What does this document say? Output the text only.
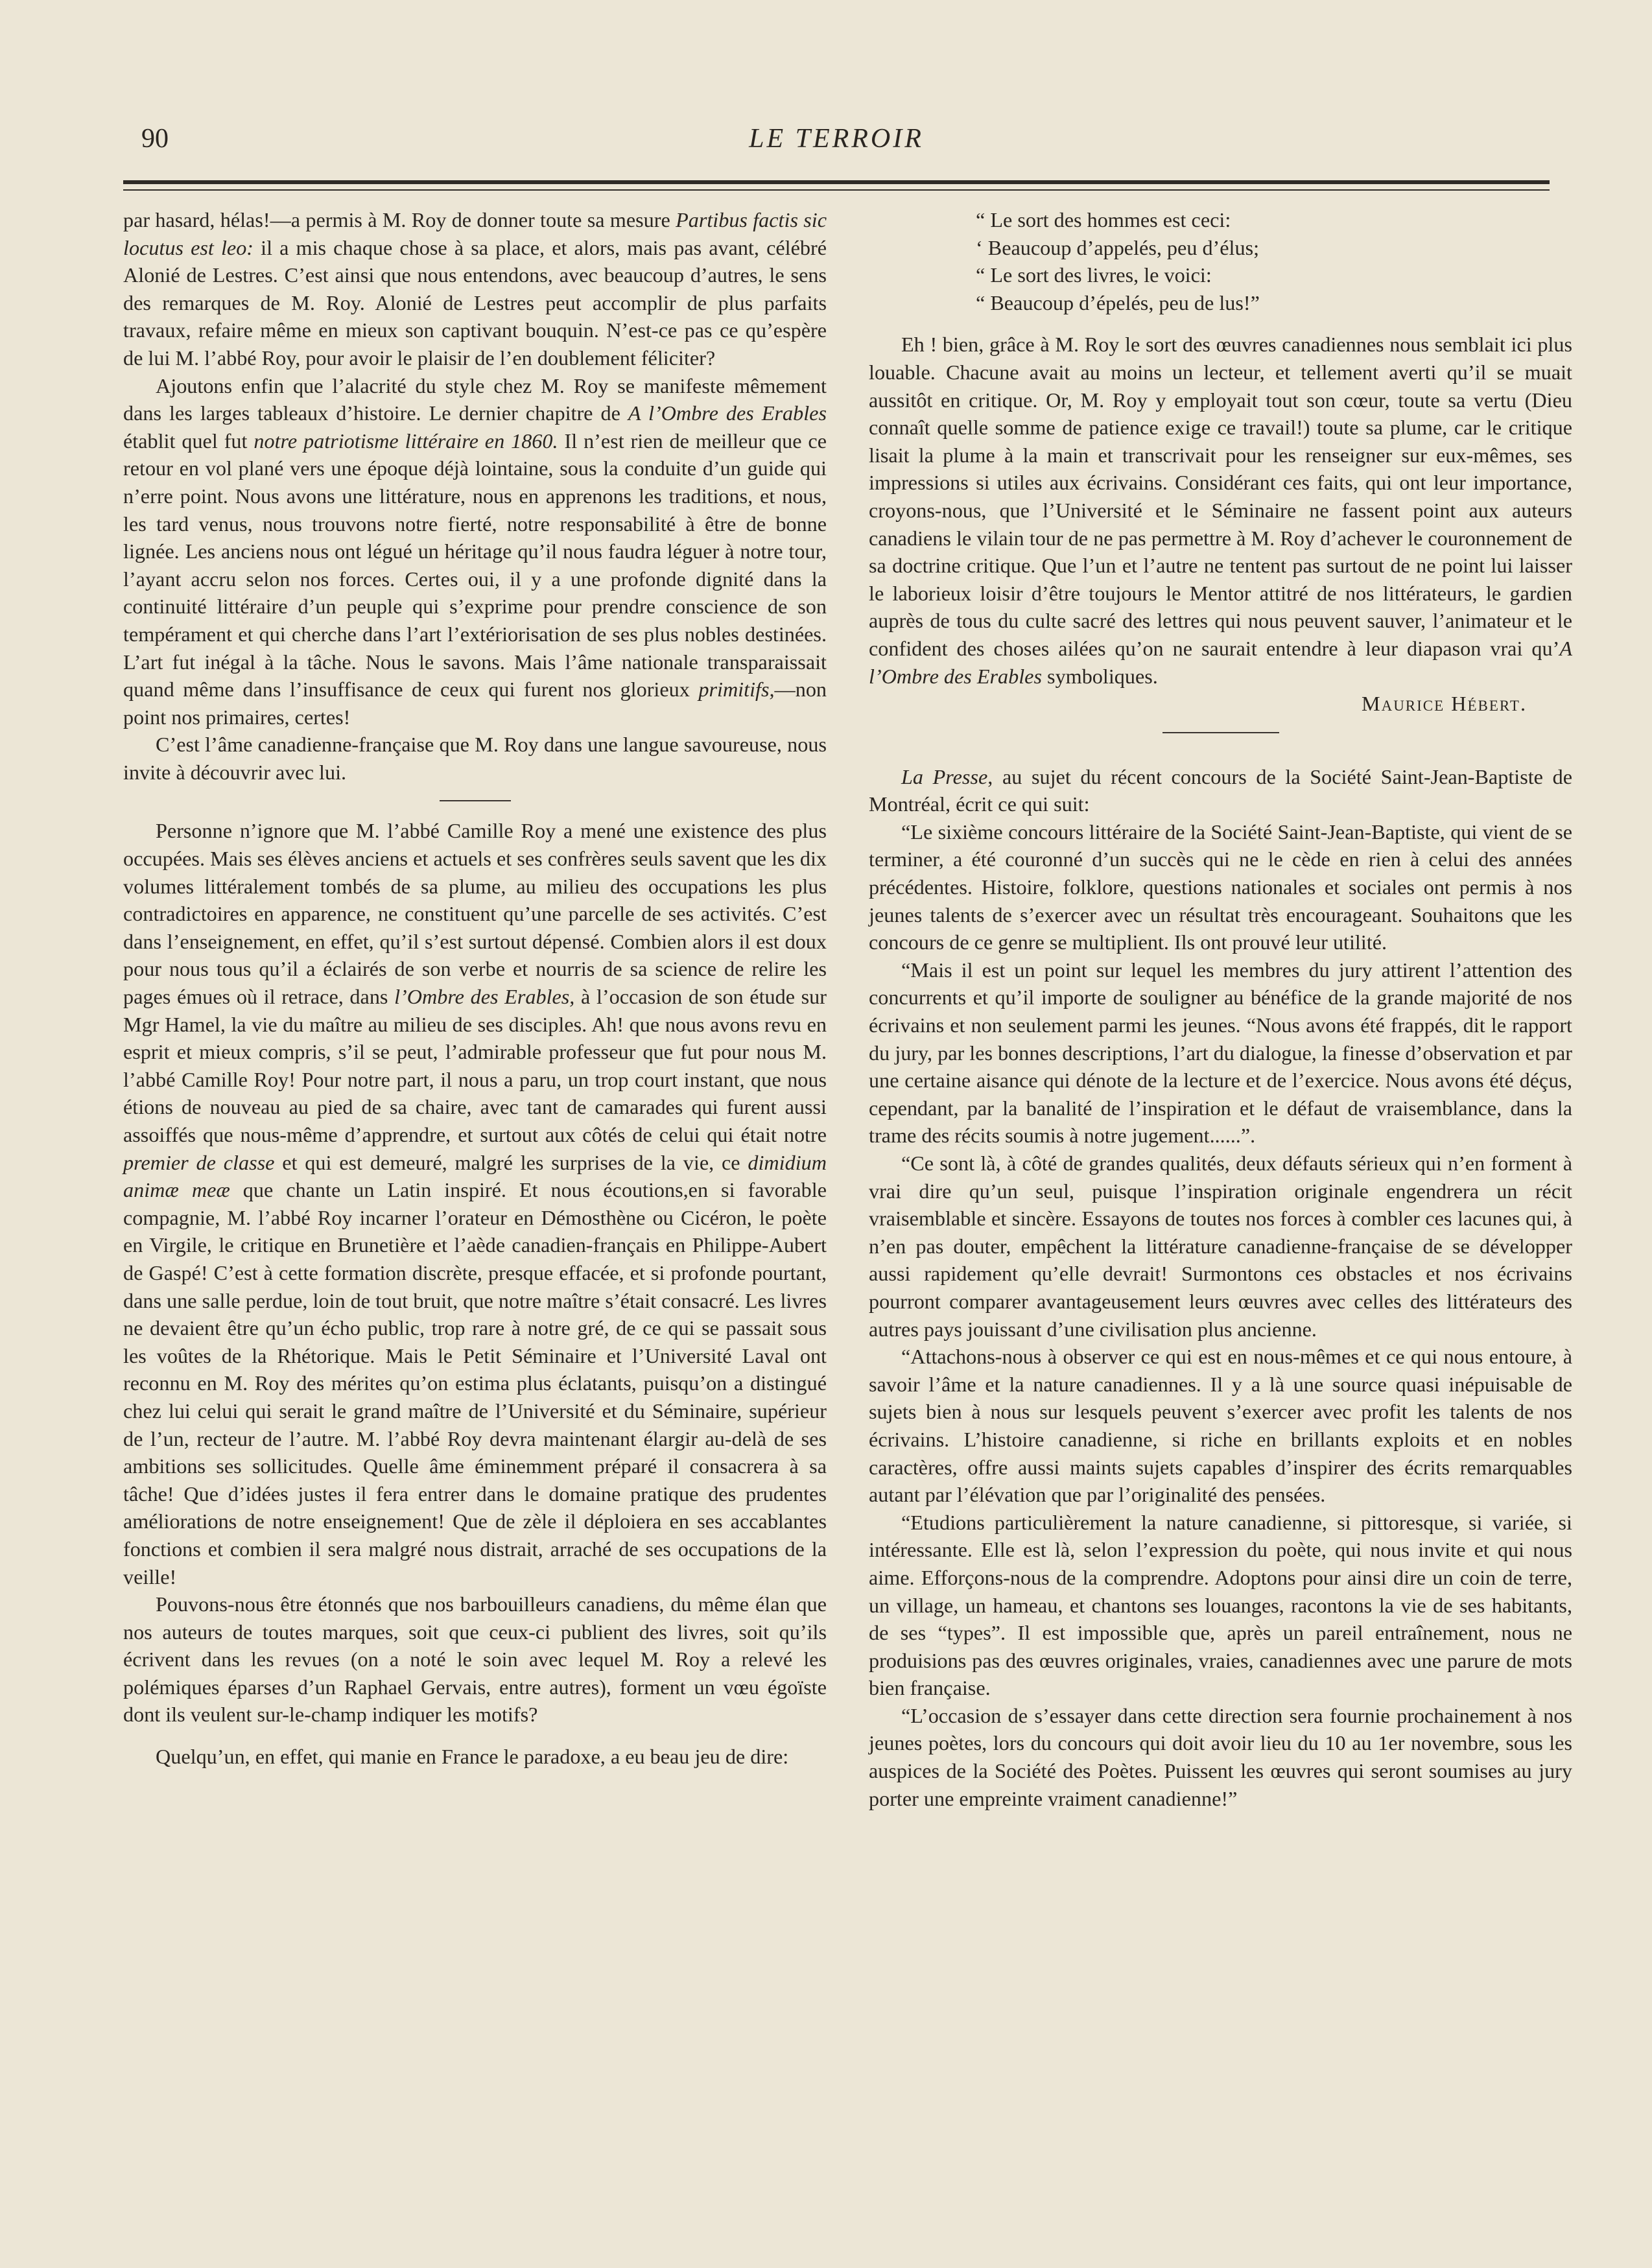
90	LE TERROIR

par hasard, hélas!—a permis à M. Roy de donner toute sa mesure Partibus factis sic locutus est leo: il a mis chaque chose à sa place, et alors, mais pas avant, célébré Alonié de Lestres. C’est ainsi que nous entendons, avec beaucoup d’autres, le sens des remarques de M. Roy. Alonié de Lestres peut accomplir de plus parfaits travaux, refaire même en mieux son captivant bouquin. N’est-ce pas ce qu’espère de lui M. l’abbé Roy, pour avoir le plaisir de l’en doublement féliciter?

Ajoutons enfin que l’alacrité du style chez M. Roy se manifeste mêmement dans les larges tableaux d’histoire. Le dernier chapitre de A l’Ombre des Erables établit quel fut notre patriotisme littéraire en 1860. Il n’est rien de meilleur que ce retour en vol plané vers une époque déjà lointaine, sous la conduite d’un guide qui n’erre point. Nous avons une littérature, nous en apprenons les traditions, et nous, les tard venus, nous trouvons notre fierté, notre responsabilité à être de bonne lignée. Les anciens nous ont légué un héritage qu’il nous faudra léguer à notre tour, l’ayant accru selon nos forces. Certes oui, il y a une profonde dignité dans la continuité littéraire d’un peuple qui s’exprime pour prendre conscience de son tempérament et qui cherche dans l’art l’extériorisation de ses plus nobles destinées. L’art fut inégal à la tâche. Nous le savons. Mais l’âme nationale transparaissait quand même dans l’insuffisance de ceux qui furent nos glorieux primitifs,—non point nos primaires, certes!

C’est l’âme canadienne-française que M. Roy dans une langue savoureuse, nous invite à découvrir avec lui.

Personne n’ignore que M. l’abbé Camille Roy a mené une existence des plus occupées. Mais ses élèves anciens et actuels et ses confrères seuls savent que les dix volumes littéralement tombés de sa plume, au milieu des occupations les plus contradictoires en apparence, ne constituent qu’une parcelle de ses activités. C’est dans l’enseignement, en effet, qu’il s’est surtout dépensé. Combien alors il est doux pour nous tous qu’il a éclairés de son verbe et nourris de sa science de relire les pages émues où il retrace, dans l’Ombre des Erables, à l’occasion de son étude sur Mgr Hamel, la vie du maître au milieu de ses disciples. Ah! que nous avons revu en esprit et mieux compris, s’il se peut, l’admirable professeur que fut pour nous M. l’abbé Camille Roy! Pour notre part, il nous a paru, un trop court instant, que nous étions de nouveau au pied de sa chaire, avec tant de camarades qui furent aussi assoiffés que nous-même d’apprendre, et surtout aux côtés de celui qui était notre premier de classe et qui est demeuré, malgré les surprises de la vie, ce dimidium animæ meæ que chante un Latin inspiré. Et nous écoutions,en si favorable compagnie, M. l’abbé Roy incarner l’orateur en Démosthène ou Cicéron, le poète en Virgile, le critique en Brunetière et l’aède canadien-français en Philippe-Aubert de Gaspé! C’est à cette formation discrète, presque effacée, et si profonde pourtant, dans une salle perdue, loin de tout bruit, que notre maître s’était consacré. Les livres ne devaient être qu’un écho public, trop rare à notre gré, de ce qui se passait sous les voûtes de la Rhétorique. Mais le Petit Séminaire et l’Université Laval ont reconnu en M. Roy des mérites qu’on estima plus éclatants, puisqu’on a distingué chez lui celui qui serait le grand maître de l’Université et du Séminaire, supérieur de l’un, recteur de l’autre. M. l’abbé Roy devra maintenant élargir au-delà de ses ambitions ses sollicitudes. Quelle âme éminemment préparé il consacrera à sa tâche! Que d’idées justes il fera entrer dans le domaine pratique des prudentes améliorations de notre enseignement! Que de zèle il déploiera en ses accablantes fonctions et combien il sera malgré nous distrait, arraché de ses occupations de la veille!

Pouvons-nous être étonnés que nos barbouilleurs canadiens, du même élan que nos auteurs de toutes marques, soit que ceux-ci publient des livres, soit qu’ils écrivent dans les revues (on a noté le soin avec lequel M. Roy a relevé les polémiques éparses d’un Raphael Gervais, entre autres), forment un vœu égoïste dont ils veulent sur-le-champ indiquer les motifs?

Quelqu’un, en effet, qui manie en France le paradoxe, a eu beau jeu de dire:

“ Le sort des hommes est ceci:
‘ Beaucoup d’appelés, peu d’élus;
“ Le sort des livres, le voici:
“ Beaucoup d’épelés, peu de lus!”

Eh ! bien, grâce à M. Roy le sort des œuvres canadiennes nous semblait ici plus louable. Chacune avait au moins un lecteur, et tellement averti qu’il se muait aussitôt en critique. Or, M. Roy y employait tout son cœur, toute sa vertu (Dieu connaît quelle somme de patience exige ce travail!) toute sa plume, car le critique lisait la plume à la main et transcrivait pour les renseigner sur eux-mêmes, ses impressions si utiles aux écrivains. Considérant ces faits, qui ont leur importance, croyons-nous, que l’Université et le Séminaire ne fassent point aux auteurs canadiens le vilain tour de ne pas permettre à M. Roy d’achever le couronnement de sa doctrine critique. Que l’un et l’autre ne tentent pas surtout de ne point lui laisser le laborieux loisir d’être toujours le Mentor attitré de nos littérateurs, le gardien auprès de tous du culte sacré des lettres qui nous peuvent sauver, l’animateur et le confident des choses ailées qu’on ne saurait entendre à leur diapason vrai qu’A l’Ombre des Erables symboliques.

Maurice Hébert.

La Presse, au sujet du récent concours de la Société Saint-Jean-Baptiste de Montréal, écrit ce qui suit:

“Le sixième concours littéraire de la Société Saint-Jean-Baptiste, qui vient de se terminer, a été couronné d’un succès qui ne le cède en rien à celui des années précédentes. Histoire, folklore, questions nationales et sociales ont permis à nos jeunes talents de s’exercer avec un résultat très encourageant. Souhaitons que les concours de ce genre se multiplient. Ils ont prouvé leur utilité.

“Mais il est un point sur lequel les membres du jury attirent l’attention des concurrents et qu’il importe de souligner au bénéfice de la grande majorité de nos écrivains et non seulement parmi les jeunes. “Nous avons été frappés, dit le rapport du jury, par les bonnes descriptions, l’art du dialogue, la finesse d’observation et par une certaine aisance qui dénote de la lecture et de l’exercice. Nous avons été déçus, cependant, par la banalité de l’inspiration et le défaut de vraisemblance, dans la trame des récits soumis à notre jugement......”.

“Ce sont là, à côté de grandes qualités, deux défauts sérieux qui n’en forment à vrai dire qu’un seul, puisque l’inspiration originale engendrera un récit vraisemblable et sincère. Essayons de toutes nos forces à combler ces lacunes qui, à n’en pas douter, empêchent la littérature canadienne-française de se développer aussi rapidement qu’elle devrait! Surmontons ces obstacles et nos écrivains pourront comparer avantageusement leurs œuvres avec celles des littérateurs des autres pays jouissant d’une civilisation plus ancienne.

“Attachons-nous à observer ce qui est en nous-mêmes et ce qui nous entoure, à savoir l’âme et la nature canadiennes. Il y a là une source quasi inépuisable de sujets bien à nous sur lesquels peuvent s’exercer avec profit les talents de nos écrivains. L’histoire canadienne, si riche en brillants exploits et en nobles caractères, offre aussi maints sujets capables d’inspirer des écrits remarquables autant par l’élévation que par l’originalité des pensées.

“Etudions particulièrement la nature canadienne, si pittoresque, si variée, si intéressante. Elle est là, selon l’expression du poète, qui nous invite et qui nous aime. Efforçons-nous de la comprendre. Adoptons pour ainsi dire un coin de terre, un village, un hameau, et chantons ses louanges, racontons la vie de ses habitants, de ses “types”. Il est impossible que, après un pareil entraînement, nous ne produisions pas des œuvres originales, vraies, canadiennes avec une parure de mots bien française.

“L’occasion de s’essayer dans cette direction sera fournie prochainement à nos jeunes poètes, lors du concours qui doit avoir lieu du 10 au 1er novembre, sous les auspices de la Société des Poètes. Puissent les œuvres qui seront soumises au jury porter une empreinte vraiment canadienne!”
